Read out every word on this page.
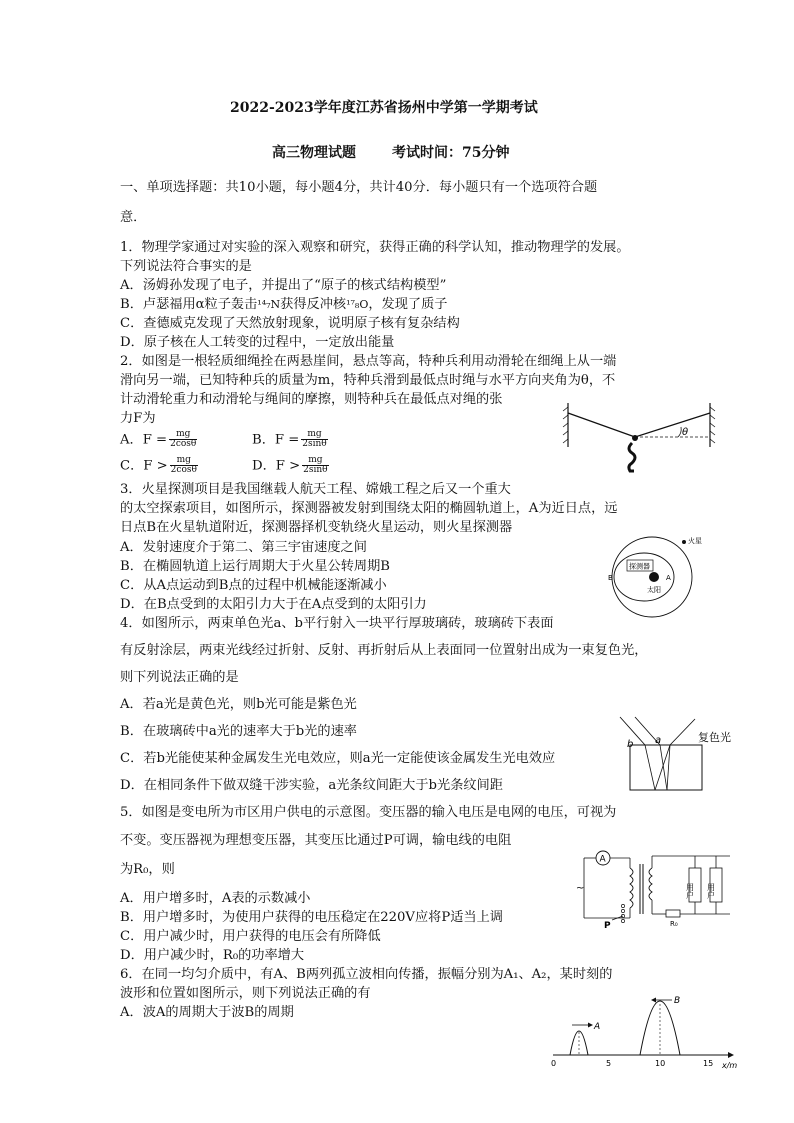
2022-2023学年度江苏省扬州中学第一学期考试
高三物理试题	考试时间：75分钟
一、单项选择题：共10小题，每小题4分，共计40分．每小题只有一个选项符合题
意．
1．物理学家通过对实验的深入观察和研究，获得正确的科学认知，推动物理学的发展。
下列说法符合事实的是
A．汤姆孙发现了电子，并提出了“原子的核式结构模型”
B．卢瑟福用α粒子轰击¹⁴₇N获得反冲核¹⁷₈O，发现了质子
C．查德威克发现了天然放射现象，说明原子核有复杂结构
D．原子核在人工转变的过程中，一定放出能量
2．如图是一根轻质细绳拴在两悬崖间，悬点等高，特种兵利用动滑轮在细绳上从一端
滑向另一端，已知特种兵的质量为m，特种兵滑到最低点时绳与水平方向夹角为θ，不
计动滑轮重力和动滑轮与绳间的摩擦，则特种兵在最低点对绳的张
力F为
A．$F = \frac{mg}{2\cos\theta}$	B．$F = \frac{mg}{2\sin\theta}$
C．$F > \frac{mg}{2\cos\theta}$	D．$F > \frac{mg}{2\sin\theta}$
θ
3．火星探测项目是我国继载人航天工程、嫦娥工程之后又一个重大
的太空探索项目，如图所示，探测器被发射到围绕太阳的椭圆轨道上，A为近日点，远
日点B在火星轨道附近，探测器择机变轨绕火星运动，则火星探测器
A．发射速度介于第二、第三宇宙速度之间
B．在椭圆轨道上运行周期大于火星公转周期B
C．从A点运动到B点的过程中机械能逐渐减小
D．在B点受到的太阳引力大于在A点受到的太阳引力
探测器
火星
太阳
B	A
4．如图所示，两束单色光a、b平行射入一块平行厚玻璃砖，玻璃砖下表面
有反射涂层，两束光线经过折射、反射、再折射后从上表面同一位置射出成为一束复色光，
则下列说法正确的是
A．若a光是黄色光，则b光可能是紫色光
B．在玻璃砖中a光的速率大于b光的速率
C．若b光能使某种金属发生光电效应，则a光一定能使该金属发生光电效应
D．在相同条件下做双缝干涉实验，a光条纹间距大于b光条纹间距
b a	复色光
5．如图是变电所为市区用户供电的示意图。变压器的输入电压是电网的电压，可视为
不变。变压器视为理想变压器，其变压比通过P可调，输电线的电阻
为R₀，则
A．用户增多时，A表的示数减小
B．用户增多时，为使用户获得的电压稳定在220V应将P适当上调
C．用户减少时，用户获得的电压会有所降低
D．用户减少时，R₀的功率增大
A
~
R₀
用户 用户
P
6．在同一均匀介质中，有A、B两列孤立波相向传播，振幅分别为A₁、A₂，某时刻的
波形和位置如图所示，则下列说法正确的有
A．波A的周期大于波B的周期
A
B
0	5	10	15 x/m
